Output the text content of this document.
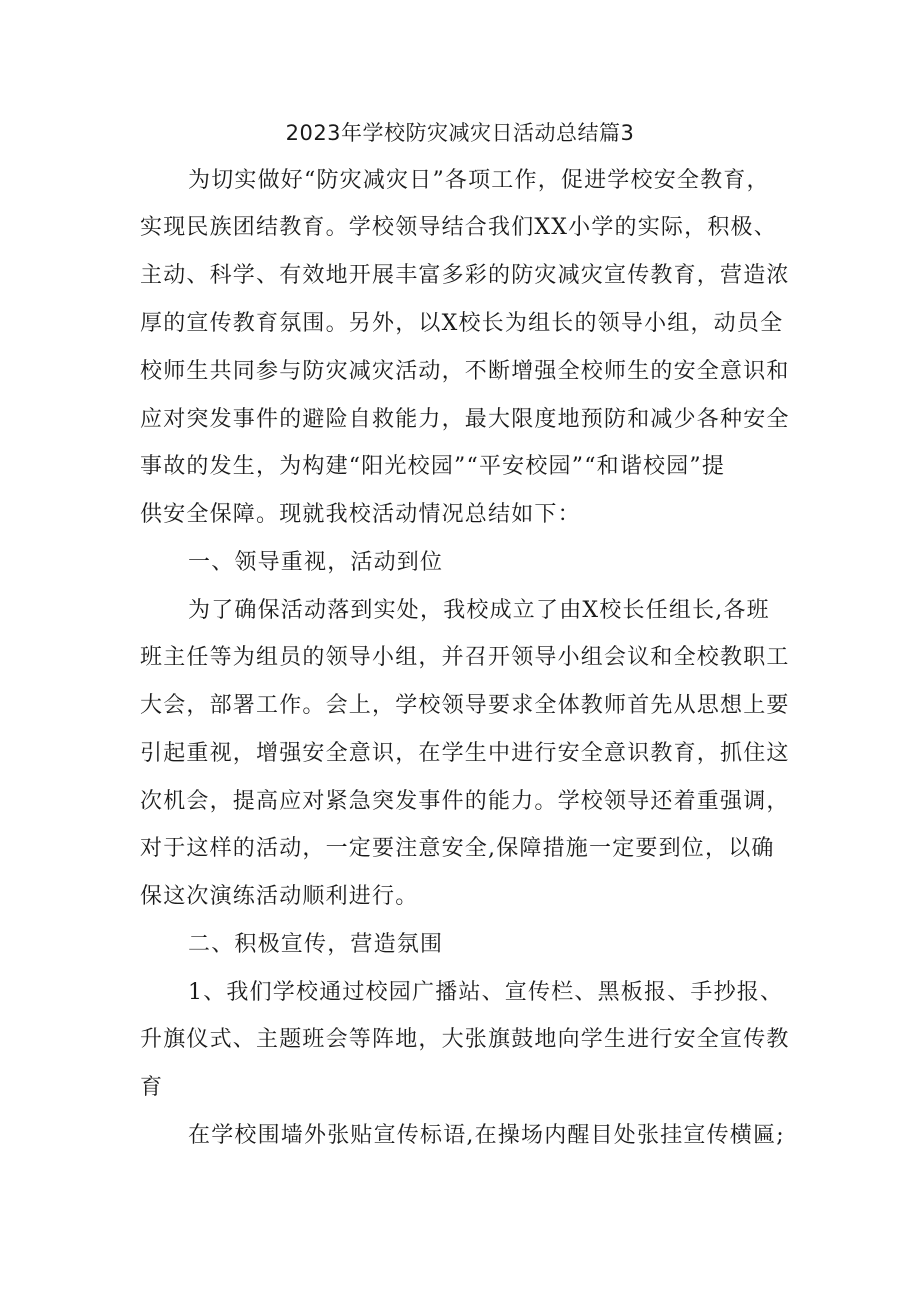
2023年学校防灾减灾日活动总结篇3
为切实做好“防灾减灾日”各项工作，促进学校安全教育，
实现民族团结教育。学校领导结合我们XX小学的实际，积极、
主动、科学、有效地开展丰富多彩的防灾减灾宣传教育，营造浓
厚的宣传教育氛围。另外，以X校长为组长的领导小组，动员全
校师生共同参与防灾减灾活动，不断增强全校师生的安全意识和
应对突发事件的避险自救能力，最大限度地预防和减少各种安全
事故的发生，为构建“阳光校园”“平安校园”“和谐校园”提
供安全保障。现就我校活动情况总结如下：
一、领导重视，活动到位
为了确保活动落到实处，我校成立了由X校长任组长,各班
班主任等为组员的领导小组，并召开领导小组会议和全校教职工
大会，部署工作。会上，学校领导要求全体教师首先从思想上要
引起重视，增强安全意识，在学生中进行安全意识教育，抓住这
次机会，提高应对紧急突发事件的能力。学校领导还着重强调，
对于这样的活动，一定要注意安全,保障措施一定要到位，以确
保这次演练活动顺利进行。
二、积极宣传，营造氛围
1、我们学校通过校园广播站、宣传栏、黑板报、手抄报、
升旗仪式、主题班会等阵地，大张旗鼓地向学生进行安全宣传教
育
在学校围墙外张贴宣传标语,在操场内醒目处张挂宣传横匾;
